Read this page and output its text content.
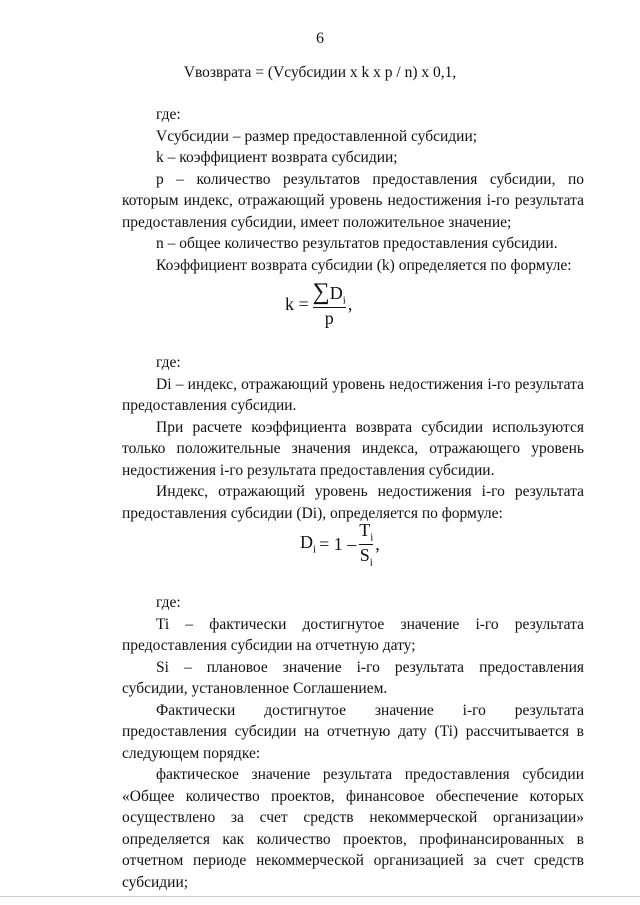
6
Vвозврата = (Vсубсидии x k x p / n) x 0,1,

где:

Vсубсидии – размер предоставленной субсидии;

k – коэффициент возврата субсидии;

p – количество результатов предоставления субсидии, по которым индекс, отражающий уровень недостижения i-го результата предоставления субсидии, имеет положительное значение;

n – общее количество результатов предоставления субсидии.

Коэффициент возврата субсидии (k) определяется по формуле:

$k = \frac{\sum D_i}{p}$ ,

где:

Di – индекс, отражающий уровень недостижения i-го результата предоставления субсидии.

При расчете коэффициента возврата субсидии используются только положительные значения индекса, отражающего уровень недостижения i-го результата предоставления субсидии.

Индекс, отражающий уровень недостижения i-го результата предоставления субсидии (Di), определяется по формуле:

$D_i = 1 - \frac{T_i}{S_i}$ ,

где:

Ti – фактически достигнутое значение i-го результата предоставления субсидии на отчетную дату;

Si – плановое значение i-го результата предоставления субсидии, установленное Соглашением.

Фактически достигнутое значение i-го результата предоставления субсидии на отчетную дату (Ti) рассчитывается в следующем порядке:

фактическое значение результата предоставления субсидии «Общее количество проектов, финансовое обеспечение которых осуществлено за счет средств некоммерческой организации» определяется как количество проектов, профинансированных в отчетном периоде некоммерческой организацией за счет средств субсидии;
